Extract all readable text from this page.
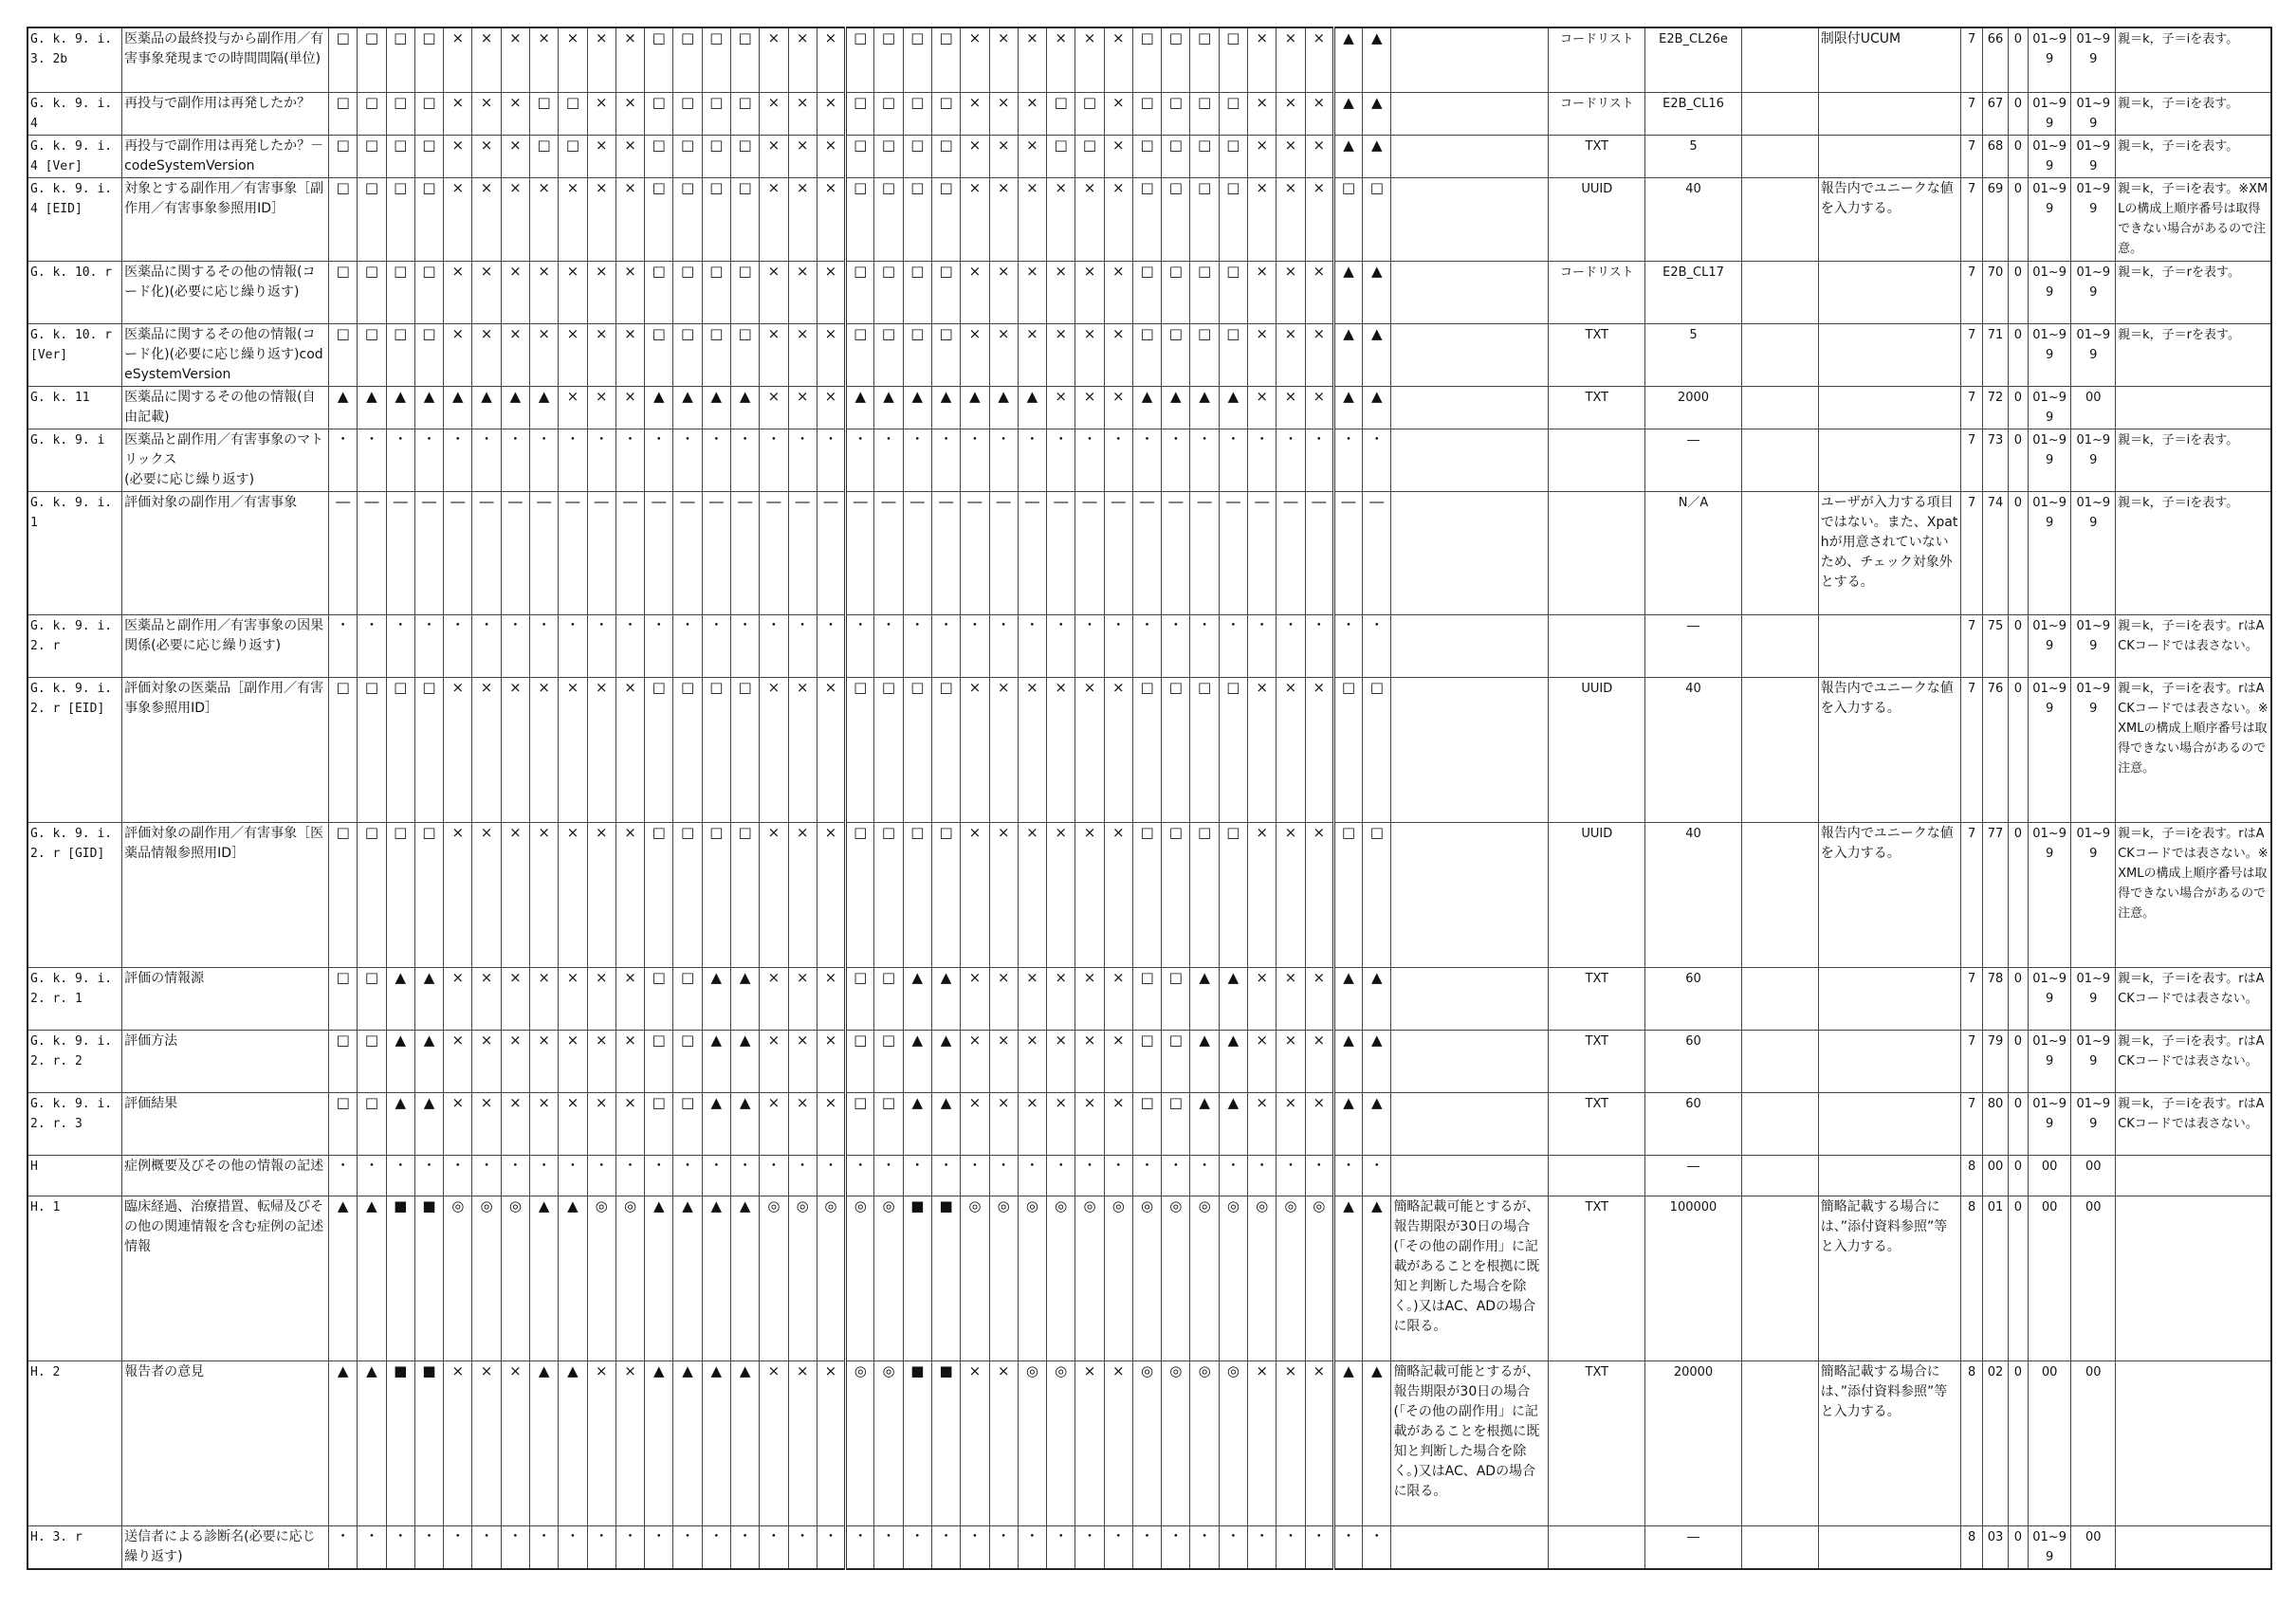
G. k. 9. i.
3. 2b	医薬品の最終投与から副作用／有害事象発現までの時間間隔(単位)	□	□	□	□	×	×	×	×	×	×	×	□	□	□	□	×	×	×	□	□	□	□	×	×	×	×	×	×	□	□	□	□	×	×	×	▲	▲		コードリスト	E2B_CL26e		制限付UCUM	7	66	0	01~99	01~99	親＝k，子＝iを表す。
G. k. 9. i.
4	再投与で副作用は再発したか？	□	□	□	□	×	×	×	□	□	×	×	□	□	□	□	×	×	×	□	□	□	□	×	×	×	□	□	×	□	□	□	□	×	×	×	▲	▲		コードリスト	E2B_CL16			7	67	0	01~99	01~99	親＝k，子＝iを表す。
G. k. 9. i.
4 [Ver]	再投与で副作用は再発したか？－codeSystemVersion	□	□	□	□	×	×	×	□	□	×	×	□	□	□	□	×	×	×	□	□	□	□	×	×	×	□	□	×	□	□	□	□	×	×	×	▲	▲		TXT	5			7	68	0	01~99	01~99	親＝k，子＝iを表す。
G. k. 9. i.
4 [EID]	対象とする副作用／有害事象［副作用／有害事象参照用ID］	□	□	□	□	×	×	×	×	×	×	×	□	□	□	□	×	×	×	□	□	□	□	×	×	×	×	×	×	□	□	□	□	×	×	×	□	□		UUID	40		報告内でユニークな値を入力する。	7	69	0	01~99	01~99	親＝k，子＝iを表す。※XMLの構成上順序番号は取得できない場合があるので注意。
G. k. 10. r	医薬品に関するその他の情報(コード化)(必要に応じ繰り返す)	□	□	□	□	×	×	×	×	×	×	×	□	□	□	□	×	×	×	□	□	□	□	×	×	×	×	×	×	□	□	□	□	×	×	×	▲	▲		コードリスト	E2B_CL17			7	70	0	01~99	01~99	親＝k，子＝rを表す。
G. k. 10. r
[Ver]	医薬品に関するその他の情報(コード化)(必要に応じ繰り返す)codeSystemVersion	□	□	□	□	×	×	×	×	×	×	×	□	□	□	□	×	×	×	□	□	□	□	×	×	×	×	×	×	□	□	□	□	×	×	×	▲	▲		TXT	5			7	71	0	01~99	01~99	親＝k，子＝rを表す。
G. k. 11	医薬品に関するその他の情報(自由記載)	▲	▲	▲	▲	▲	▲	▲	▲	×	×	×	▲	▲	▲	▲	×	×	×	▲	▲	▲	▲	▲	▲	▲	×	×	×	▲	▲	▲	▲	×	×	×	▲	▲		TXT	2000			7	72	0	01~99	00	
G. k. 9. i	医薬品と副作用／有害事象のマトリックス
(必要に応じ繰り返す)	・	・	・	・	・	・	・	・	・	・	・	・	・	・	・	・	・	・	・	・	・	・	・	・	・	・	・	・	・	・	・	・	・	・	・	・	・			―			7	73	0	01~99	01~99	親＝k，子＝iを表す。
G. k. 9. i.
1	評価対象の副作用／有害事象	―	―	―	―	―	―	―	―	―	―	―	―	―	―	―	―	―	―	―	―	―	―	―	―	―	―	―	―	―	―	―	―	―	―	―	―	―			N／A		ユーザが入力する項目ではない。また、Xpathが用意されていないため、チェック対象外とする。	7	74	0	01~99	01~99	親＝k，子＝iを表す。
G. k. 9. i.
2. r	医薬品と副作用／有害事象の因果関係(必要に応じ繰り返す)	・	・	・	・	・	・	・	・	・	・	・	・	・	・	・	・	・	・	・	・	・	・	・	・	・	・	・	・	・	・	・	・	・	・	・	・	・			―			7	75	0	01~99	01~99	親＝k，子＝iを表す。rはACKコードでは表さない。
G. k. 9. i.
2. r [EID]	評価対象の医薬品［副作用／有害事象参照用ID］	□	□	□	□	×	×	×	×	×	×	×	□	□	□	□	×	×	×	□	□	□	□	×	×	×	×	×	×	□	□	□	□	×	×	×	□	□		UUID	40		報告内でユニークな値を入力する。	7	76	0	01~99	01~99	親＝k，子＝iを表す。rはACKコードでは表さない。※XMLの構成上順序番号は取得できない場合があるので注意。
G. k. 9. i.
2. r [GID]	評価対象の副作用／有害事象［医薬品情報参照用ID］	□	□	□	□	×	×	×	×	×	×	×	□	□	□	□	×	×	×	□	□	□	□	×	×	×	×	×	×	□	□	□	□	×	×	×	□	□		UUID	40		報告内でユニークな値を入力する。	7	77	0	01~99	01~99	親＝k，子＝iを表す。rはACKコードでは表さない。※XMLの構成上順序番号は取得できない場合があるので注意。
G. k. 9. i.
2. r. 1	評価の情報源	□	□	▲	▲	×	×	×	×	×	×	×	□	□	▲	▲	×	×	×	□	□	▲	▲	×	×	×	×	×	×	□	□	▲	▲	×	×	×	▲	▲		TXT	60			7	78	0	01~99	01~99	親＝k，子＝iを表す。rはACKコードでは表さない。
G. k. 9. i.
2. r. 2	評価方法	□	□	▲	▲	×	×	×	×	×	×	×	□	□	▲	▲	×	×	×	□	□	▲	▲	×	×	×	×	×	×	□	□	▲	▲	×	×	×	▲	▲		TXT	60			7	79	0	01~99	01~99	親＝k，子＝iを表す。rはACKコードでは表さない。
G. k. 9. i.
2. r. 3	評価結果	□	□	▲	▲	×	×	×	×	×	×	×	□	□	▲	▲	×	×	×	□	□	▲	▲	×	×	×	×	×	×	□	□	▲	▲	×	×	×	▲	▲		TXT	60			7	80	0	01~99	01~99	親＝k，子＝iを表す。rはACKコードでは表さない。
H	症例概要及びその他の情報の記述	・	・	・	・	・	・	・	・	・	・	・	・	・	・	・	・	・	・	・	・	・	・	・	・	・	・	・	・	・	・	・	・	・	・	・	・	・			―			8	00	0	00	00	
H. 1	臨床経過、治療措置、転帰及びその他の関連情報を含む症例の記述情報	▲	▲	■	■	◎	◎	◎	▲	▲	◎	◎	▲	▲	▲	▲	◎	◎	◎	◎	◎	■	■	◎	◎	◎	◎	◎	◎	◎	◎	◎	◎	◎	◎	◎	▲	▲	簡略記載可能とするが、報告期限が30日の場合(「その他の副作用」に記載があることを根拠に既知と判断した場合を除く。)又はAC、ADの場合に限る。	TXT	100000		簡略記載する場合には、”添付資料参照”等と入力する。	8	01	0	00	00	
H. 2	報告者の意見	▲	▲	■	■	×	×	×	▲	▲	×	×	▲	▲	▲	▲	×	×	×	◎	◎	■	■	×	×	◎	◎	×	×	◎	◎	◎	◎	×	×	×	▲	▲	簡略記載可能とするが、報告期限が30日の場合(「その他の副作用」に記載があることを根拠に既知と判断した場合を除く。)又はAC、ADの場合に限る。	TXT	20000		簡略記載する場合には、”添付資料参照”等と入力する。	8	02	0	00	00	
H. 3. r	送信者による診断名(必要に応じ繰り返す)	・	・	・	・	・	・	・	・	・	・	・	・	・	・	・	・	・	・	・	・	・	・	・	・	・	・	・	・	・	・	・	・	・	・	・	・	・			―			8	03	0	01~99	00	
